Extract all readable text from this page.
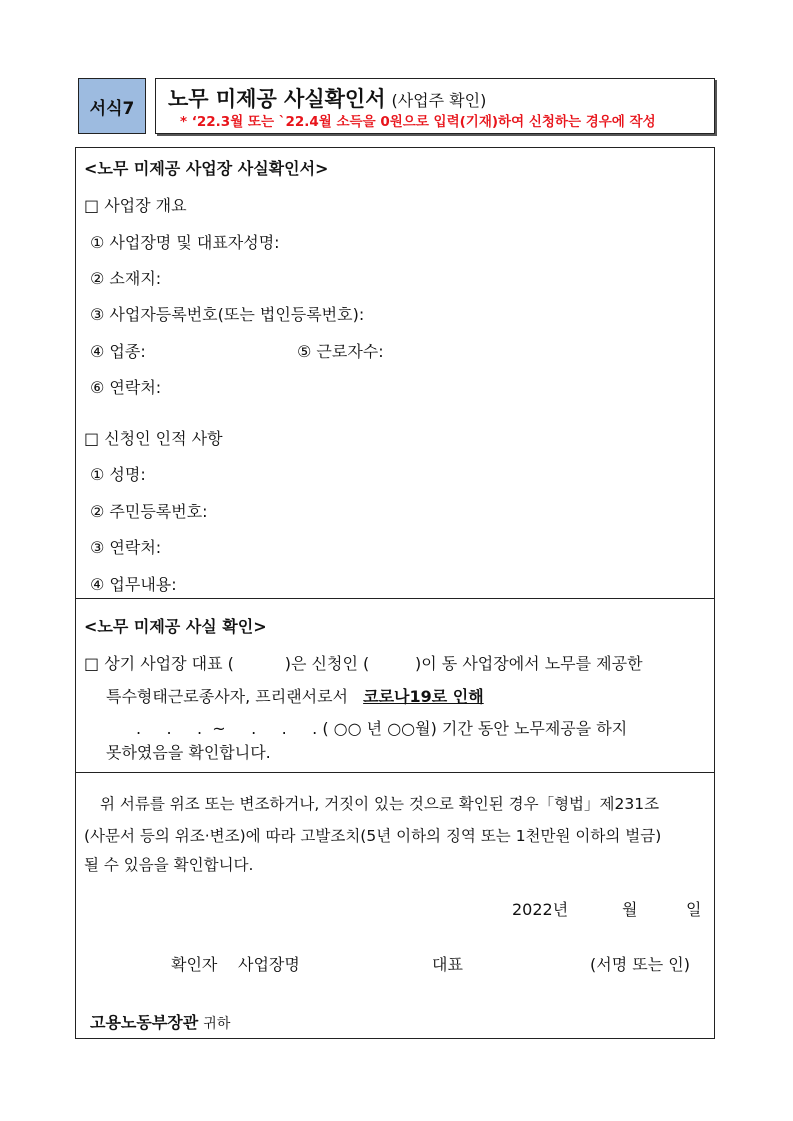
서식7	노무 미제공 사실확인서 (사업주 확인)
* ‘22.3월 또는 `22.4월 소득을 0원으로 입력(기재)하여 신청하는 경우에 작성
<노무 미제공 사업장 사실확인서>
□ 사업장 개요
① 사업장명 및 대표자성명:
② 소재지:
③ 사업자등록번호(또는 법인등록번호):
④ 업종:	⑤ 근로자수:
⑥ 연락처:
□ 신청인 인적 사항
① 성명:
② 주민등록번호:
③ 연락처:
④ 업무내용:
<노무 미제공 사실 확인>
□ 상기 사업장 대표 (          )은 신청인 (         )이 동 사업장에서 노무를 제공한
특수형태근로종사자, 프리랜서로서 코로나19로 인해
.     .     .  ~     .     .     . ( ○○ 년 ○○월) 기간 동안 노무제공을 하지
못하였음을 확인합니다.
위 서류를 위조 또는 변조하거나, 거짓이 있는 것으로 확인된 경우「형법」제231조
(사문서 등의 위조·변조)에 따라 고발조치(5년 이하의 징역 또는 1천만원 이하의 벌금)
될 수 있음을 확인합니다.
2022년	월	일
확인자 사업장명	대표	(서명 또는 인)
고용노동부장관 귀하
